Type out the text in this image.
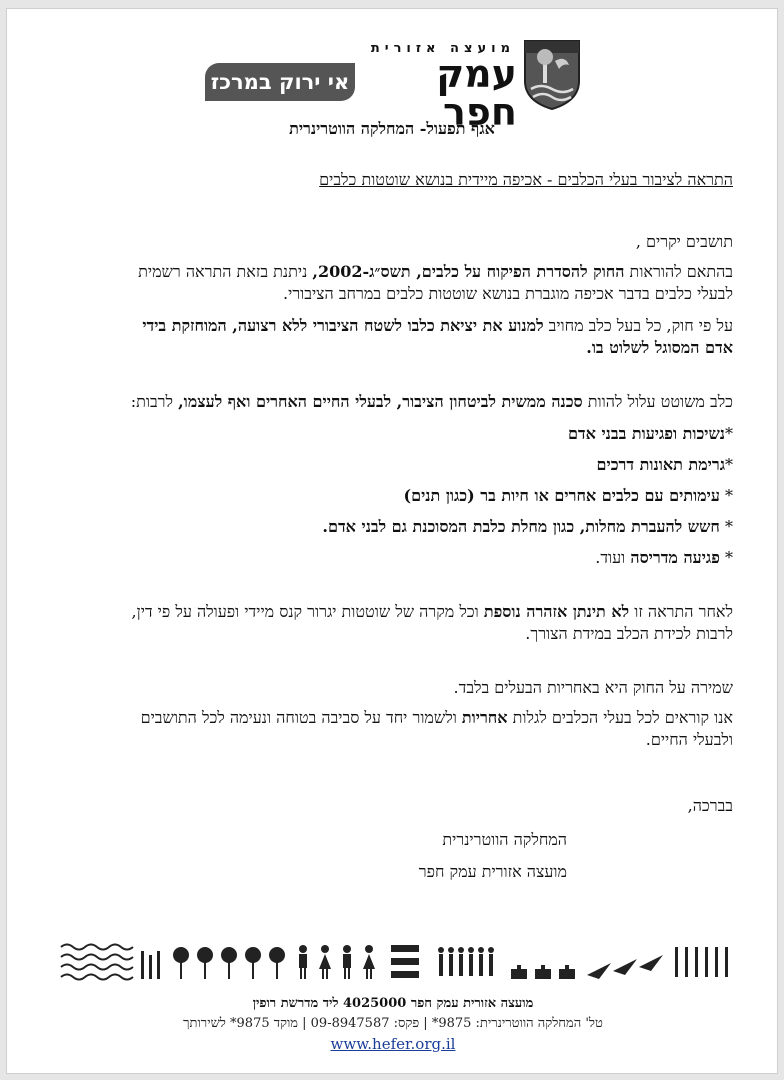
מועצה אזורית
עמק חפר
אי ירוק במרכז
אגף תפעול- המחלקה הווטרינרית

התראה לציבור בעלי הכלבים - אכיפה מיידית בנושא שוטטות כלבים

תושבים יקרים ,

בהתאם להוראות החוק להסדרת הפיקוח על כלבים, תשס״ג-2002, ניתנת בזאת התראה רשמית לבעלי כלבים בדבר אכיפה מוגברת בנושא שוטטות כלבים במרחב הציבורי.

על פי חוק, כל בעל כלב מחויב למנוע את יציאת כלבו לשטח הציבורי ללא רצועה, המוחזקת בידי אדם המסוגל לשלוט בו.

כלב משוטט עלול להוות סכנה ממשית לביטחון הציבור, לבעלי החיים האחרים ואף לעצמו, לרבות:

*נשיכות ופגיעות בבני אדם

*גרימת תאונות דרכים

* עימותים עם כלבים אחרים או חיות בר (כגון תנים)

* חשש להעברת מחלות, כגון מחלת כלבת המסוכנת גם לבני אדם.

* פגיעה מדריסה ועוד.

לאחר התראה זו לא תינתן אזהרה נוספת וכל מקרה של שוטטות יגרור קנס מיידי ופעולה על פי דין, לרבות לכידת הכלב במידת הצורך.

שמירה על החוק היא באחריות הבעלים בלבד.

אנו קוראים לכל בעלי הכלבים לגלות אחריות ולשמור יחד על סביבה בטוחה ונעימה לכל התושבים ולבעלי החיים.

בברכה,

המחלקה הווטרינרית

מועצה אזורית עמק חפר

מועצה אזורית עמק חפר 4025000 ליד מדרשת רופין
טל' המחלקה הווטרינרית: 9875* | פקס: 09-8947587 | מוקד 9875* לשירותך
www.hefer.org.il
